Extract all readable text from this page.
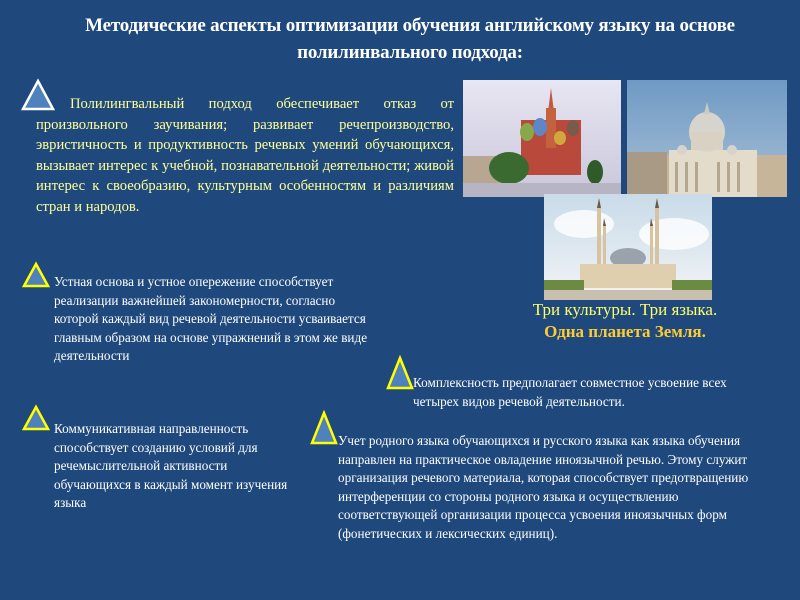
Методические аспекты оптимизации обучения английскому языку на основе полилинвального подхода:
Полилингвальный подход обеспечивает отказ от произвольного заучивания; развивает речепроизводство, эвристичность и продуктивность речевых умений обучающихся, вызывает интерес к учебной, познавательной деятельности; живой интерес к своеобразию, культурным особенностям и различиям стран и народов.
Устная основа и устное опережение способствует реализации важнейшей закономерности, согласно которой каждый вид речевой деятельности усваивается главным образом на основе упражнений в этом же виде деятельности
Коммуникативная направленность способствует созданию условий для речемыслительной активности обучающихся в каждый момент изучения языка
Комплексность предполагает совместное усвоение всех четырех видов речевой деятельности.
Учет родного языка обучающихся и русского языка как языка обучения направлен на практическое овладение иноязычной речью. Этому служит организация речевого материала, которая способствует предотвращению интерференции со стороны родного языка и осуществлению соответствующей организации процесса усвоения иноязычных форм (фонетических и лексических единиц).
Три культуры. Три языка.
Одна планета Земля.
